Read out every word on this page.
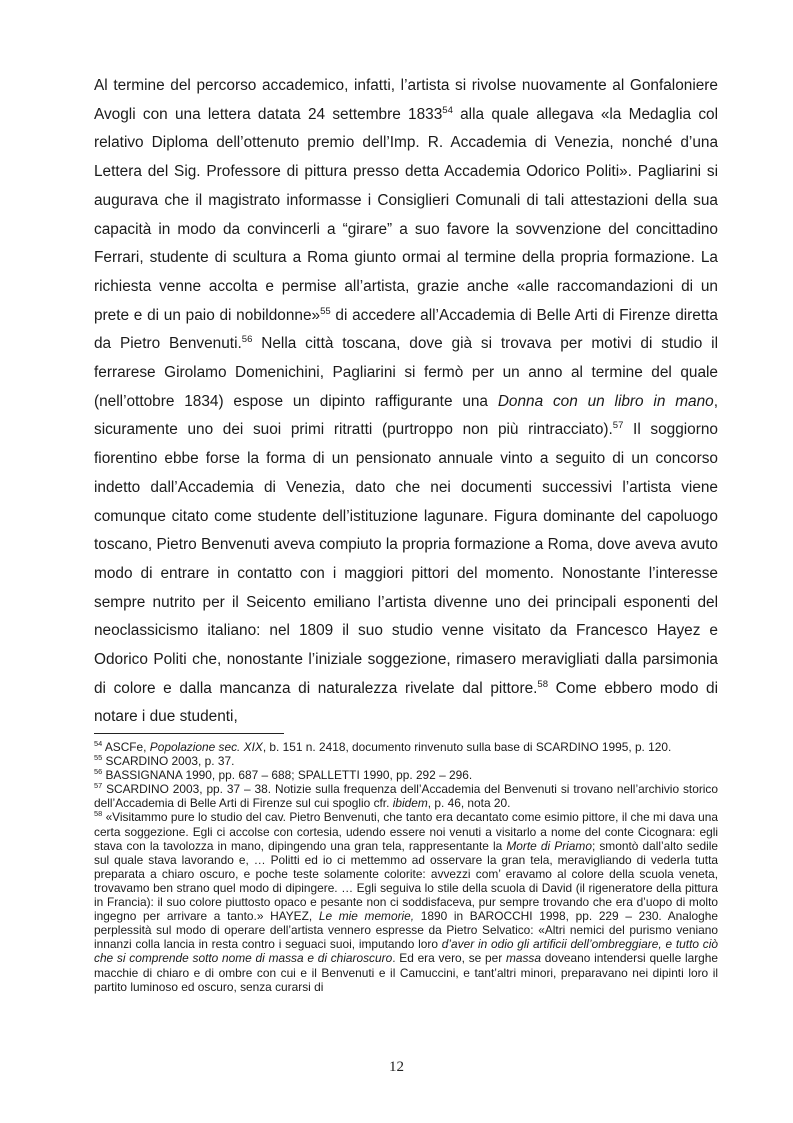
Al termine del percorso accademico, infatti, l’artista si rivolse nuovamente al Gonfaloniere Avogli con una lettera datata 24 settembre 1833$^{54}$ alla quale allegava «la Medaglia col relativo Diploma dell’ottenuto premio dell’Imp. R. Accademia di Venezia, nonché d’una Lettera del Sig. Professore di pittura presso detta Accademia Odorico Politi». Pagliarini si augurava che il magistrato informasse i Consiglieri Comunali di tali attestazioni della sua capacità in modo da convincerli a “girare” a suo favore la sovvenzione del concittadino Ferrari, studente di scultura a Roma giunto ormai al termine della propria formazione. La richiesta venne accolta e permise all’artista, grazie anche «alle raccomandazioni di un prete e di un paio di nobildonne»$^{55}$ di accedere all’Accademia di Belle Arti di Firenze diretta da Pietro Benvenuti.$^{56}$ Nella città toscana, dove già si trovava per motivi di studio il ferrarese Girolamo Domenichini, Pagliarini si fermò per un anno al termine del quale (nell’ottobre 1834) espose un dipinto raffigurante una Donna con un libro in mano, sicuramente uno dei suoi primi ritratti (purtroppo non più rintracciato).$^{57}$ Il soggiorno fiorentino ebbe forse la forma di un pensionato annuale vinto a seguito di un concorso indetto dall’Accademia di Venezia, dato che nei documenti successivi l’artista viene comunque citato come studente dell’istituzione lagunare. Figura dominante del capoluogo toscano, Pietro Benvenuti aveva compiuto la propria formazione a Roma, dove aveva avuto modo di entrare in contatto con i maggiori pittori del momento. Nonostante l’interesse sempre nutrito per il Seicento emiliano l’artista divenne uno dei principali esponenti del neoclassicismo italiano: nel 1809 il suo studio venne visitato da Francesco Hayez e Odorico Politi che, nonostante l’iniziale soggezione, rimasero meravigliati dalla parsimonia di colore e dalla mancanza di naturalezza rivelate dal pittore.$^{58}$ Come ebbero modo di notare i due studenti,

$^{54}$ ASCFe, Popolazione sec. XIX, b. 151 n. 2418, documento rinvenuto sulla base di SCARDINO 1995, p. 120.

$^{55}$ SCARDINO 2003, p. 37.

$^{56}$ BASSIGNANA 1990, pp. 687 – 688; SPALLETTI 1990, pp. 292 – 296.

$^{57}$ SCARDINO 2003, pp. 37 – 38. Notizie sulla frequenza dell’Accademia del Benvenuti si trovano nell’archivio storico dell’Accademia di Belle Arti di Firenze sul cui spoglio cfr. ibidem, p. 46, nota 20.

$^{58}$ «Visitammo pure lo studio del cav. Pietro Benvenuti, che tanto era decantato come esimio pittore, il che mi dava una certa soggezione. Egli ci accolse con cortesia, udendo essere noi venuti a visitarlo a nome del conte Cicognara: egli stava con la tavolozza in mano, dipingendo una gran tela, rappresentante la Morte di Priamo; smontò dall’alto sedile sul quale stava lavorando e, … Politti ed io ci mettemmo ad osservare la gran tela, meravigliando di vederla tutta preparata a chiaro oscuro, e poche teste solamente colorite: avvezzi com’ eravamo al colore della scuola veneta, trovavamo ben strano quel modo di dipingere. … Egli seguiva lo stile della scuola di David (il rigeneratore della pittura in Francia): il suo colore piuttosto opaco e pesante non ci soddisfaceva, pur sempre trovando che era d’uopo di molto ingegno per arrivare a tanto.» HAYEZ, Le mie memorie, 1890 in BAROCCHI 1998, pp. 229 – 230. Analoghe perplessità sul modo di operare dell’artista vennero espresse da Pietro Selvatico: «Altri nemici del purismo veniano innanzi colla lancia in resta contro i seguaci suoi, imputando loro d’aver in odio gli artificii dell’ombreggiare, e tutto ciò che si comprende sotto nome di massa e di chiaroscuro. Ed era vero, se per massa doveano intendersi quelle larghe macchie di chiaro e di ombre con cui e il Benvenuti e il Camuccini, e tant’altri minori, preparavano nei dipinti loro il partito luminoso ed oscuro, senza curarsi di

12
